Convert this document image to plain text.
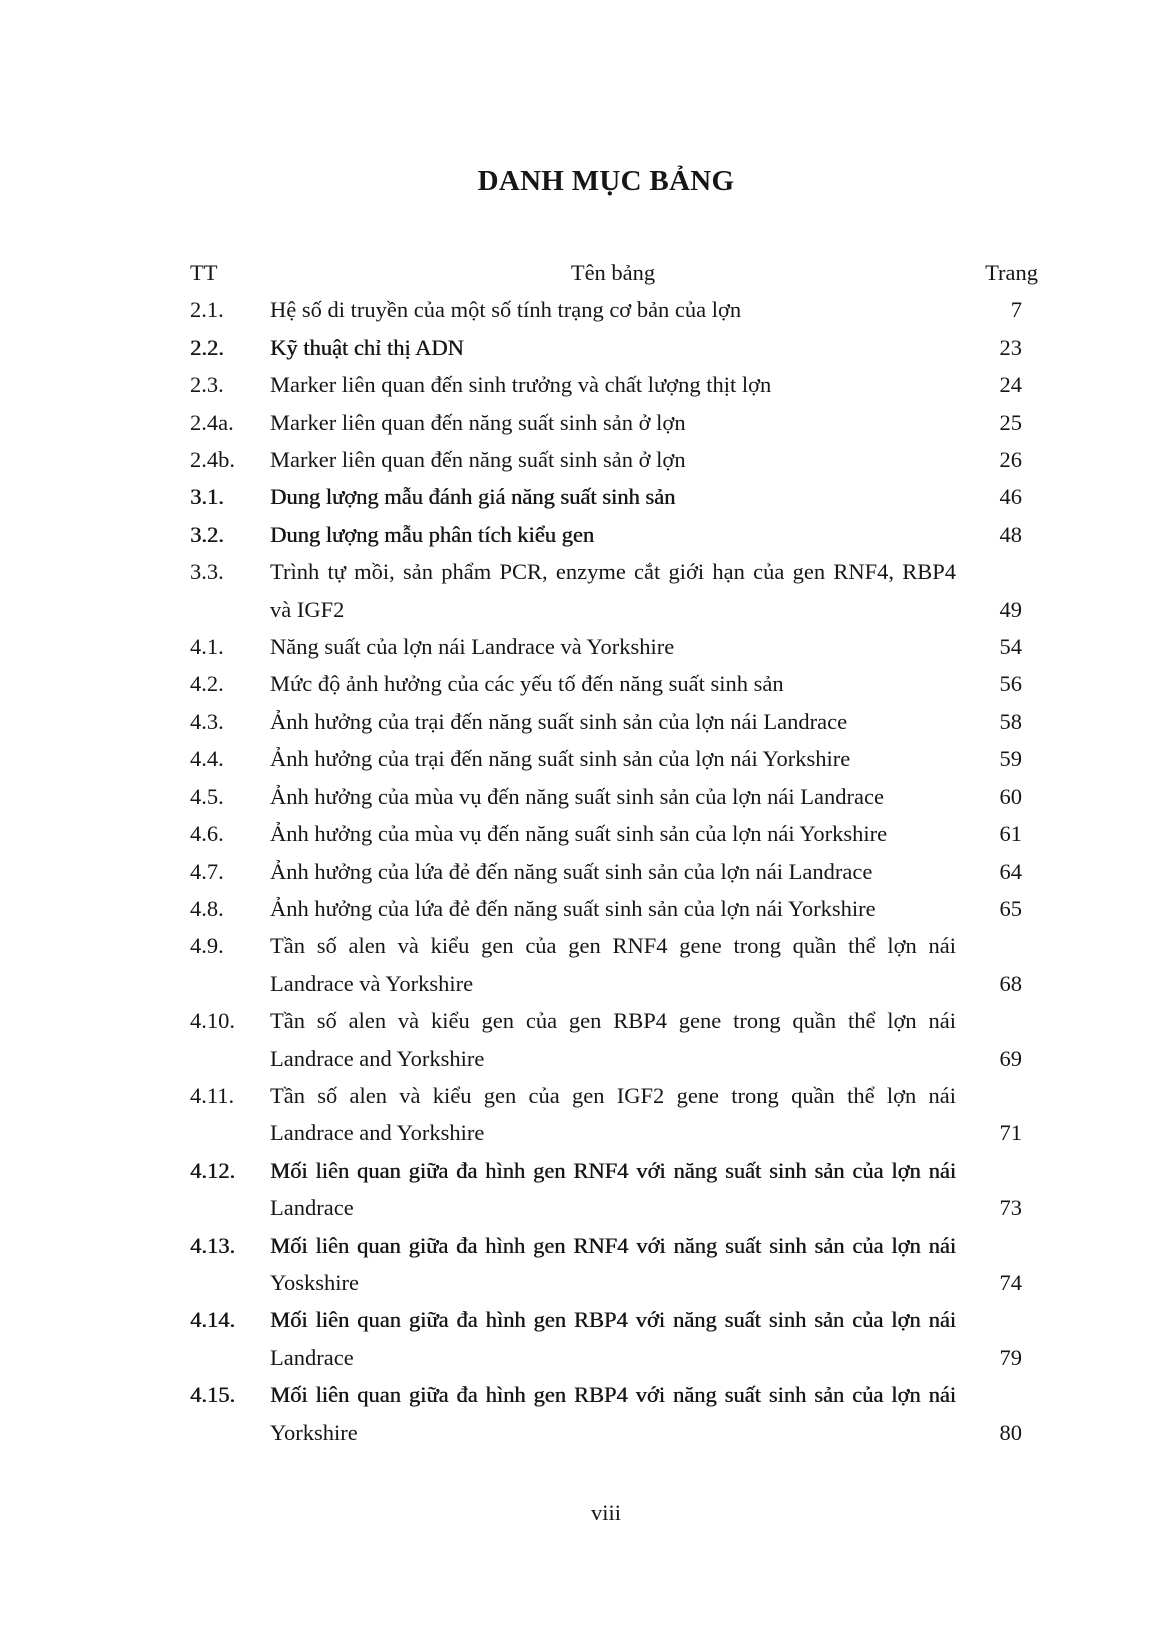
DANH MỤC BẢNG
TT	Tên bảng	Trang
2.1.	Hệ số di truyền của một số tính trạng cơ bản của lợn	7
2.2.	Kỹ thuật chỉ thị ADN	23
2.3.	Marker liên quan đến sinh trưởng và chất lượng thịt lợn	24
2.4a.	Marker liên quan đến năng suất sinh sản ở lợn	25
2.4b.	Marker liên quan đến năng suất sinh sản ở lợn	26
3.1.	Dung lượng mẫu đánh giá năng suất sinh sản	46
3.2.	Dung lượng mẫu phân tích kiểu gen	48
3.3.	Trình tự mồi, sản phẩm PCR, enzyme cắt giới hạn của gen RNF4, RBP4
và IGF2	49
4.1.	Năng suất của lợn nái Landrace và Yorkshire	54
4.2.	Mức độ ảnh hưởng của các yếu tố đến năng suất sinh sản	56
4.3.	Ảnh hưởng của trại đến năng suất sinh sản của lợn nái Landrace	58
4.4.	Ảnh hưởng của trại đến năng suất sinh sản của lợn nái Yorkshire	59
4.5.	Ảnh hưởng của mùa vụ đến năng suất sinh sản của lợn nái Landrace	60
4.6.	Ảnh hưởng của mùa vụ đến năng suất sinh sản của lợn nái Yorkshire	61
4.7.	Ảnh hưởng của lứa đẻ đến năng suất sinh sản của lợn nái Landrace	64
4.8.	Ảnh hưởng của lứa đẻ đến năng suất sinh sản của lợn nái Yorkshire	65
4.9.	Tần số alen và kiểu gen của gen RNF4 gene trong quần thể lợn nái
Landrace và Yorkshire	68
4.10.	Tần số alen và kiểu gen của gen RBP4 gene trong quần thể lợn nái
Landrace and Yorkshire	69
4.11.	Tần số alen và kiểu gen của gen IGF2 gene trong quần thể lợn nái
Landrace and Yorkshire	71
4.12.	Mối liên quan giữa đa hình gen RNF4 với năng suất sinh sản của lợn nái
Landrace	73
4.13.	Mối liên quan giữa đa hình gen RNF4 với năng suất sinh sản của lợn nái
Yoskshire	74
4.14.	Mối liên quan giữa đa hình gen RBP4 với năng suất sinh sản của lợn nái
Landrace	79
4.15.	Mối liên quan giữa đa hình gen RBP4 với năng suất sinh sản của lợn nái
Yorkshire	80
viii
